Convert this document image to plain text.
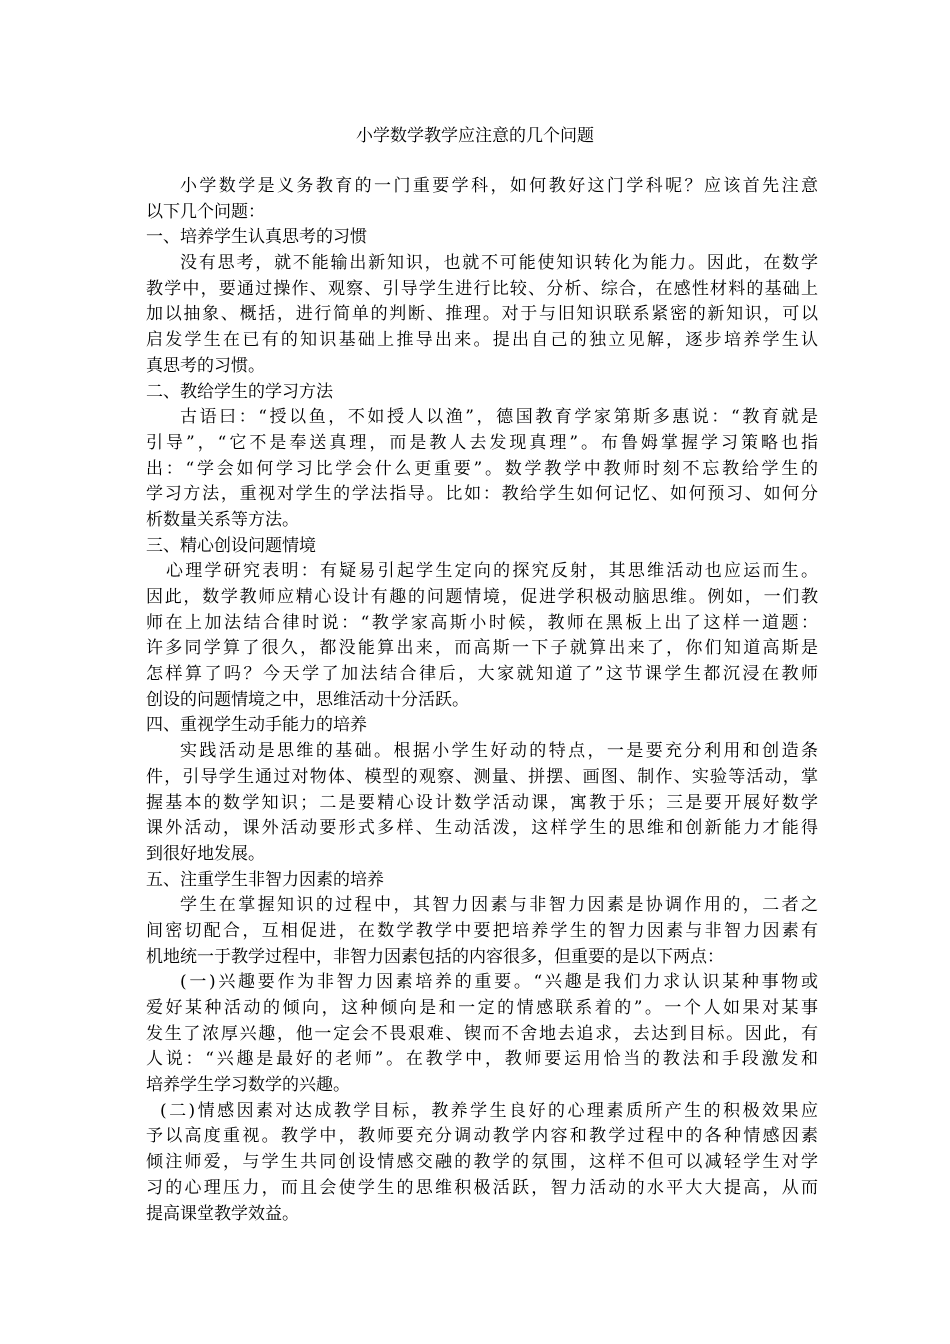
小学数学教学应注意的几个问题
小学数学是义务教育的一门重要学科，如何教好这门学科呢？应该首先注意
以下几个问题：
一、培养学生认真思考的习惯
没有思考，就不能输出新知识，也就不可能使知识转化为能力。因此，在数学
教学中，要通过操作、观察、引导学生进行比较、分析、综合，在感性材料的基础上
加以抽象、概括，进行简单的判断、推理。对于与旧知识联系紧密的新知识，可以
启发学生在已有的知识基础上推导出来。提出自己的独立见解，逐步培养学生认
真思考的习惯。
二、教给学生的学习方法
古语曰：“授以鱼，不如授人以渔”，德国教育学家第斯多惠说：“教育就是
引导”，“它不是奉送真理，而是教人去发现真理”。布鲁姆掌握学习策略也指
出：“学会如何学习比学会什么更重要”。数学教学中教师时刻不忘教给学生的
学习方法，重视对学生的学法指导。比如：教给学生如何记忆、如何预习、如何分
析数量关系等方法。
三、精心创设问题情境
心理学研究表明：有疑易引起学生定向的探究反射，其思维活动也应运而生。
因此，数学教师应精心设计有趣的问题情境，促进学积极动脑思维。例如，一们教
师在上加法结合律时说：“教学家高斯小时候，教师在黑板上出了这样一道题：
许多同学算了很久，都没能算出来，而高斯一下子就算出来了，你们知道高斯是
怎样算了吗？今天学了加法结合律后，大家就知道了”这节课学生都沉浸在教师
创设的问题情境之中，思维活动十分活跃。
四、重视学生动手能力的培养
实践活动是思维的基础。根据小学生好动的特点，一是要充分利用和创造条
件，引导学生通过对物体、模型的观察、测量、拼摆、画图、制作、实验等活动，掌
握基本的数学知识；二是要精心设计数学活动课，寓教于乐；三是要开展好数学
课外活动，课外活动要形式多样、生动活泼，这样学生的思维和创新能力才能得
到很好地发展。
五、注重学生非智力因素的培养
学生在掌握知识的过程中，其智力因素与非智力因素是协调作用的，二者之
间密切配合，互相促进，在数学教学中要把培养学生的智力因素与非智力因素有
机地统一于教学过程中，非智力因素包括的内容很多，但重要的是以下两点：
(一)兴趣要作为非智力因素培养的重要。“兴趣是我们力求认识某种事物或
爱好某种活动的倾向，这种倾向是和一定的情感联系着的”。一个人如果对某事
发生了浓厚兴趣，他一定会不畏艰难、锲而不舍地去追求，去达到目标。因此，有
人说：“兴趣是最好的老师”。在教学中，教师要运用恰当的教法和手段激发和
培养学生学习数学的兴趣。
(二)情感因素对达成教学目标，教养学生良好的心理素质所产生的积极效果应
予以高度重视。教学中，教师要充分调动教学内容和教学过程中的各种情感因素
倾注师爱，与学生共同创设情感交融的教学的氛围，这样不但可以减轻学生对学
习的心理压力，而且会使学生的思维积极活跃，智力活动的水平大大提高，从而
提高课堂教学效益。
